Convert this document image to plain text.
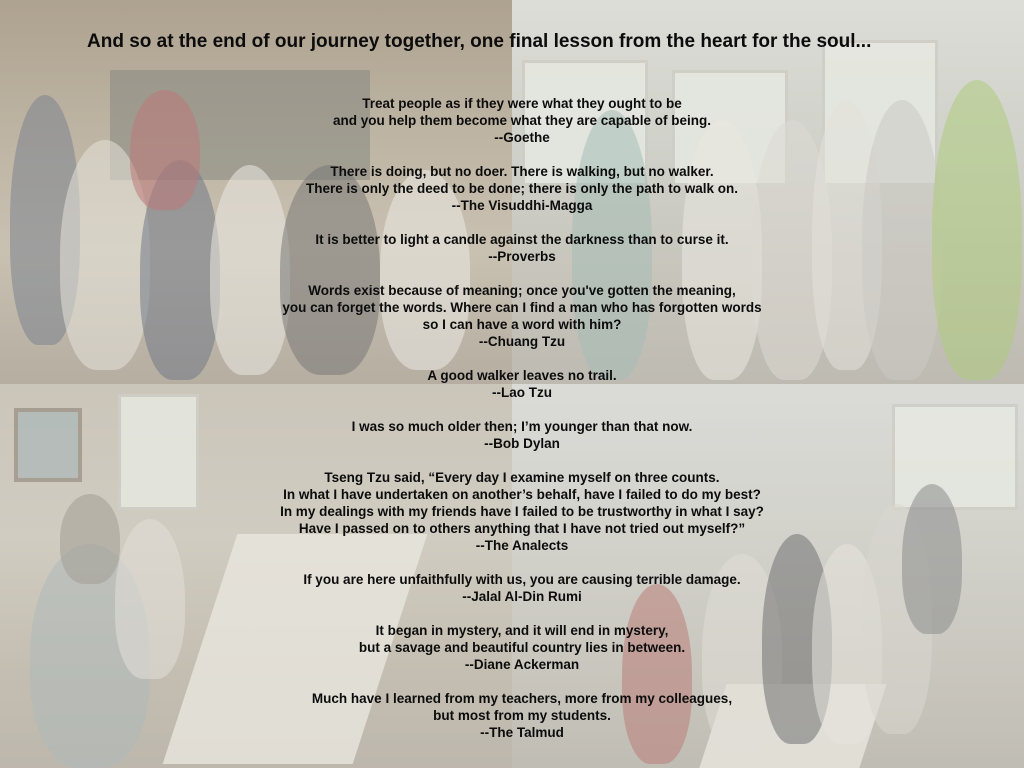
And so at the end of our journey together, one final lesson from the heart for the soul...

Treat people as if they were what they ought to be
and you help them become what they are capable of being.
--Goethe
There is doing, but no doer. There is walking, but no walker.
There is only the deed to be done; there is only the path to walk on.
--The Visuddhi-Magga
It is better to light a candle against the darkness than to curse it.
--Proverbs
Words exist because of meaning; once you've gotten the meaning,
you can forget the words. Where can I find a man who has forgotten words
so I can have a word with him?
--Chuang Tzu
A good walker leaves no trail.
--Lao Tzu
I was so much older then; I’m younger than that now.
--Bob Dylan
Tseng Tzu said, “Every day I examine myself on three counts.
In what I have undertaken on another’s behalf, have I failed to do my best?
In my dealings with my friends have I failed to be trustworthy in what I say?
Have I passed on to others anything that I have not tried out myself?”
--The Analects
If you are here unfaithfully with us, you are causing terrible damage.
--Jalal Al-Din Rumi
It began in mystery, and it will end in mystery,
but a savage and beautiful country lies in between.
--Diane Ackerman
Much have I learned from my teachers, more from my colleagues,
but most from my students.
--The Talmud
